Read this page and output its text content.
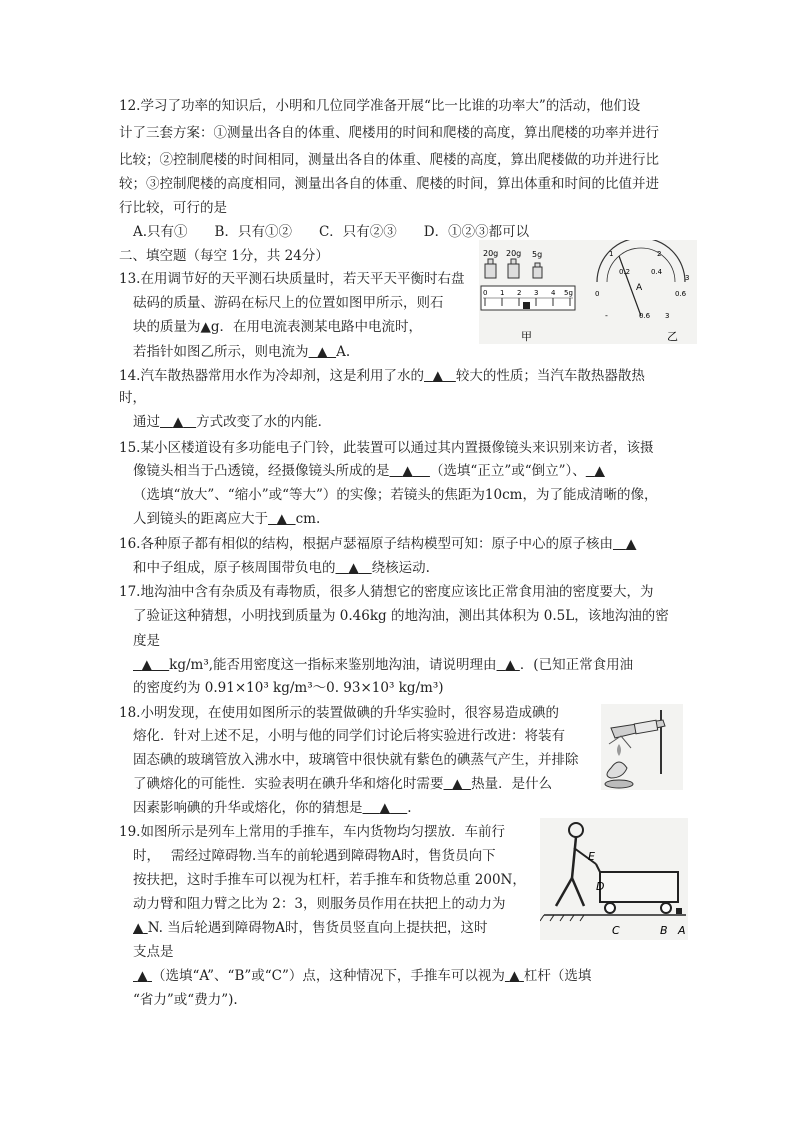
12.学习了功率的知识后，小明和几位同学准备开展“比一比谁的功率大”的活动，他们设
计了三套方案：①测量出各自的体重、爬楼用的时间和爬楼的高度，算出爬楼的功率并进行
比较；②控制爬楼的时间相同，测量出各自的体重、爬楼的高度，算出爬楼做的功并进行比
较；③控制爬楼的高度相同，测量出各自的体重、爬楼的时间，算出体重和时间的比值并进
行比较，可行的是
A.只有①　　B．只有①②　　C．只有②③　　D．①②③都可以
二、填空题（每空 1分，共 24分）
13.在用调节好的天平测石块质量时，若天平天平衡时右盘
砝码的质量、游码在标尺上的位置如图甲所示，则石
块的质量为▲g．在用电流表测某电路中电流时，
若指针如图乙所示，则电流为 ▲ A.
20g 20g 5g
0 1 2 3 4 5g
甲
0
0.2	0.4
0.6
1	2
3
A
-	0.6 3
乙
14.汽车散热器常用水作为冷却剂，这是利用了水的 ▲ 较大的性质；当汽车散热器散热
时，
通过 ▲ 方式改变了水的内能．
15.某小区楼道设有多功能电子门铃，此装置可以通过其内置摄像镜头来识别来访者，该摄
像镜头相当于凸透镜，经摄像镜头所成的是 ▲ （选填“正立”或“倒立”）、 ▲
（选填“放大”、“缩小”或“等大”）的实像；若镜头的焦距为10cm，为了能成清晰的像，
人到镜头的距离应大于 ▲ cm.
16.各种原子都有相似的结构，根据卢瑟福原子结构模型可知：原子中心的原子核由 ▲
和中子组成，原子核周围带负电的 ▲ 绕核运动.
17.地沟油中含有杂质及有毒物质，很多人猜想它的密度应该比正常食用油的密度要大，为
了验证这种猜想，小明找到质量为 0.46kg 的地沟油，测出其体积为 0.5L，该地沟油的密
度是
▲ kg/m³,能否用密度这一指标来鉴别地沟油，请说明理由 ▲ ．(已知正常食用油
的密度约为 0.91×10³ kg/m³～0. 93×10³ kg/m³)
18.小明发现，在使用如图所示的装置做碘的升华实验时，很容易造成碘的
熔化．针对上述不足，小明与他的同学们讨论后将实验进行改进：将装有
固态碘的玻璃管放入沸水中，玻璃管中很快就有紫色的碘蒸气产生，并排除
了碘熔化的可能性．实验表明在碘升华和熔化时需要 ▲ 热量．是什么
因素影响碘的升华或熔化，你的猜想是 ▲ .
19.如图所示是列车上常用的手推车，车内货物均匀摆放．车前行
时，　 需经过障碍物.当车的前轮遇到障碍物A时，售货员向下
按扶把，这时手推车可以视为杠杆，若手推车和货物总重 200N，
动力臂和阻力臂之比为 2：3，则服务员作用在扶把上的动力为
▲ N. 当后轮遇到障碍物A时，售货员竖直向上提扶把，这时
支点是
▲ （选填“A”、“B”或“C”）点，这种情况下，手推车可以视为 ▲ 杠杆（选填
“省力”或“费力”).
E
D
C	B A
